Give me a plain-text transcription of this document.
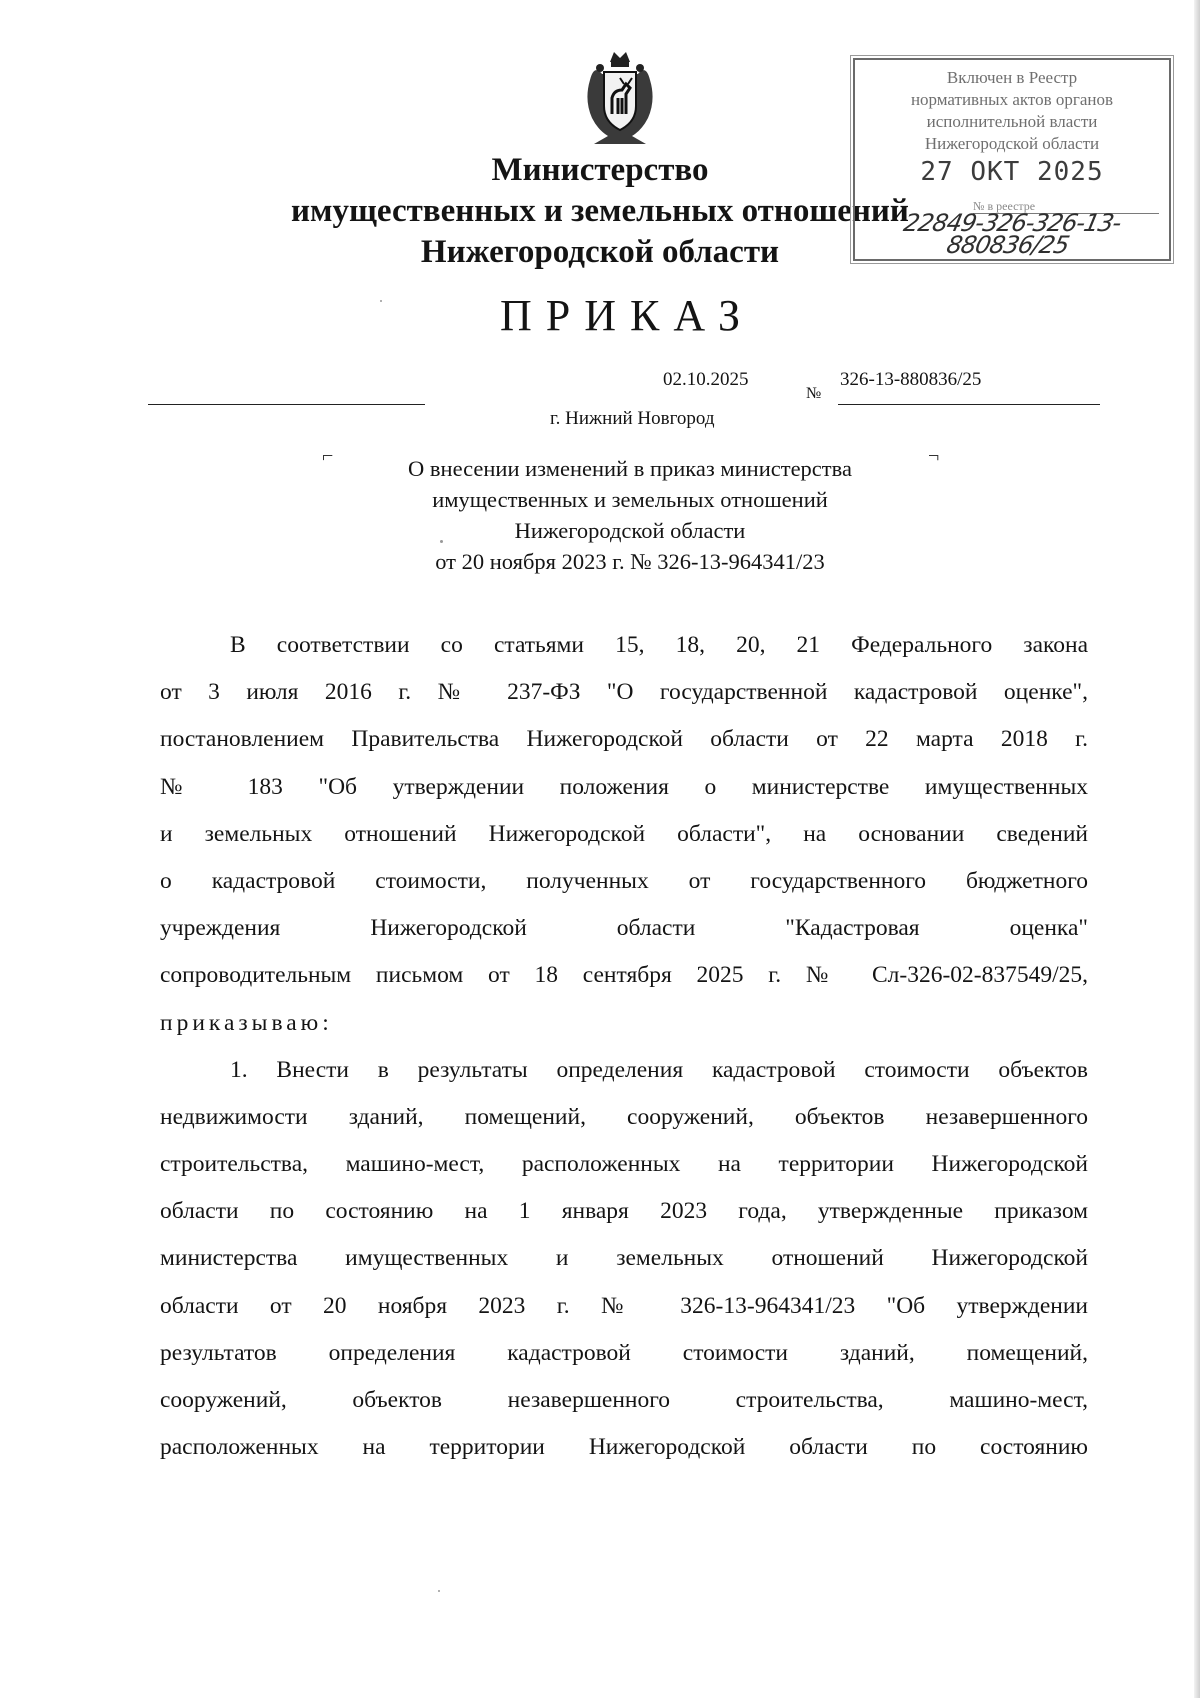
Министерство
имущественных и земельных отношений
Нижегородской области
Включен в Реестр
нормативных актов органов
исполнительной власти
Нижегородской области
27 ОКТ 2025
№ в реестре
22849-326-326-13-880836/25
ПРИКАЗ
02.10.2025
№
326-13-880836/25
г. Нижний Новгород
⌐	¬
О внесении изменений в приказ министерства
имущественных и земельных отношений
Нижегородской области
от 20 ноября 2023 г. № 326-13-964341/23
В соответствии со статьями 15, 18, 20, 21 Федерального закона
от 3 июля 2016 г. № 237-ФЗ "О государственной кадастровой оценке",
постановлением Правительства Нижегородской области от 22 марта 2018 г.
№ 183 "Об утверждении положения о министерстве имущественных
и земельных отношений Нижегородской области", на основании сведений
о кадастровой стоимости, полученных от государственного бюджетного
учреждения Нижегородской области "Кадастровая оценка"
сопроводительным письмом от 18 сентября 2025 г. № Сл-326-02-837549/25,
приказываю:
1. Внести в результаты определения кадастровой стоимости объектов
недвижимости зданий, помещений, сооружений, объектов незавершенного
строительства, машино-мест, расположенных на территории Нижегородской
области по состоянию на 1 января 2023 года, утвержденные приказом
министерства имущественных и земельных отношений Нижегородской
области от 20 ноября 2023 г. № 326-13-964341/23 "Об утверждении
результатов определения кадастровой стоимости зданий, помещений,
сооружений, объектов незавершенного строительства, машино-мест,
расположенных на территории Нижегородской области по состоянию
